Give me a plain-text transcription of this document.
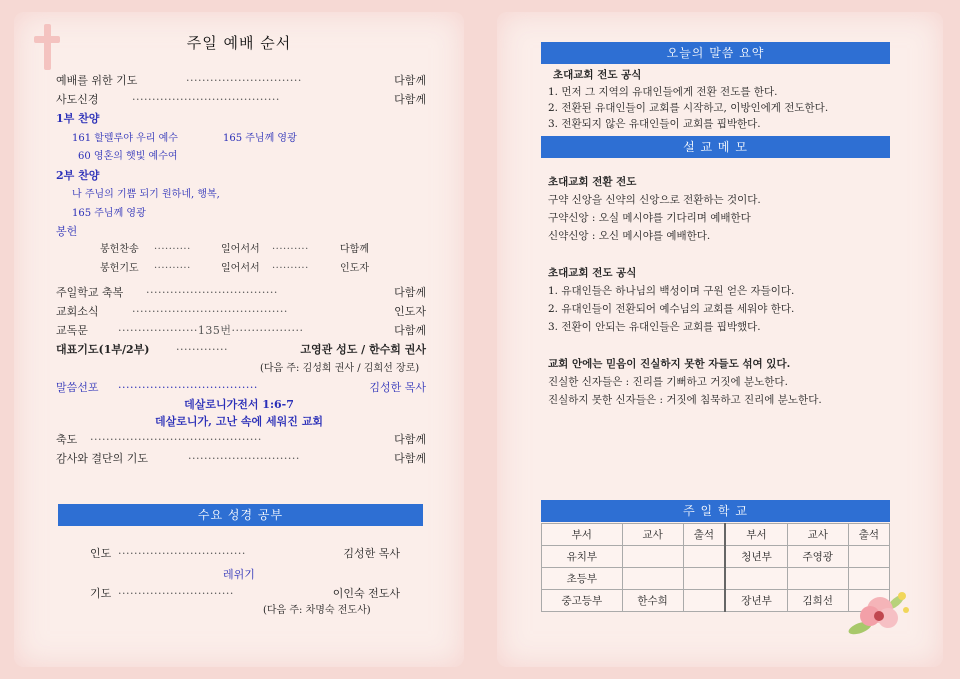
주일 예배 순서
예배를 위한 기도	·····························	다함께
사도신경	·····································	다함께
1부 찬양
161 할렐루야 우리 예수	165 주님께 영광
60 영혼의 햇빛 예수여
2부 찬양
나 주님의 기쁨 되기 원하네, 행복,
165 주님께 영광
봉헌
봉헌찬송 ··········	일어서서 ··········	다함께
봉헌기도 ··········	일어서서 ··········	인도자
주일학교 축복 ·································	다함께
교회소식	·······································	인도자
교독문	····················135번··················	다함께
대표기도(1부/2부) ·············	고영관 성도 / 한수희 권사
(다음 주: 김성희 권사 / 김희선 장로)
말씀선포 ···································	김성한 목사
데살로니가전서 1:6-7
데살로니가, 고난 속에 세워진 교회
축도 ···········································	다함께
감사와 결단의 기도	····························	다함께
수요 성경 공부
인도 ································	김성한 목사
레위기
기도 ·····························	이인숙 전도사
(다음 주: 차명숙 전도사)
오늘의 말씀 요약
초대교회 전도 공식
1. 먼저 그 지역의 유대인들에게 전환 전도를 한다.
2. 전환된 유대인들이 교회를 시작하고, 이방인에게 전도한다.
3. 전환되지 않은 유대인들이 교회를 핍박한다.
설 교 메 모
초대교회 전환 전도
구약 신앙을 신약의 신앙으로 전환하는 것이다.
구약신앙 : 오실 메시야를 기다리며 예배한다
신약신앙 : 오신 메시야를 예배한다.
초대교회 전도 공식
1. 유대인들은 하나님의 백성이며 구원 얻은 자들이다.
2. 유대인들이 전환되어 예수님의 교회를 세워야 한다.
3. 전환이 안되는 유대인들은 교회를 핍박했다.
교회 안에는 믿음이 진실하지 못한 자들도 섞여 있다.
진실한 신자들은 : 진리를 기뻐하고 거짓에 분노한다.
진실하지 못한 신자들은 : 거짓에 침묵하고 진리에 분노한다.
주 일 학 교
부서	교사	출석	부서	교사	출석
유치부			청년부	주영광	
초등부					
중고등부	한수희		장년부	김희선	
